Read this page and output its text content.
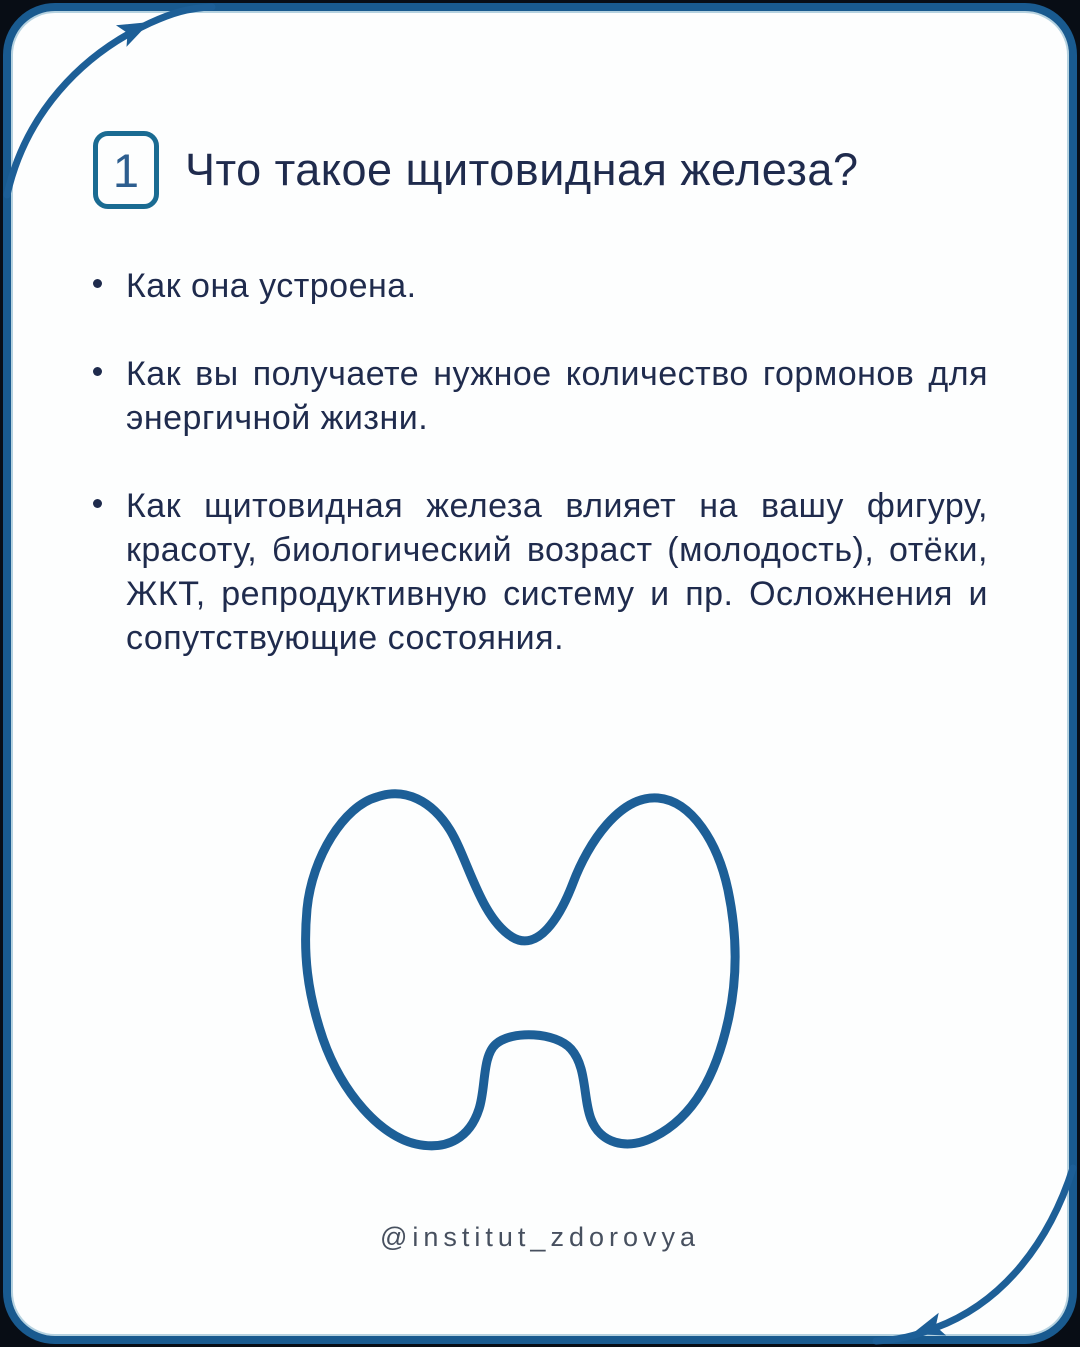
1 Что такое щитовидная железа?

Как она устроена.

Как вы получаете нужное количество гормонов для энергичной жизни.

Как щитовидная железа влияет на вашу фигуру, красоту, биологический возраст (молодость), отёки, ЖКТ, репродуктивную систему и пр. Осложнения и сопутствующие состояния.

@institut_zdorovya
